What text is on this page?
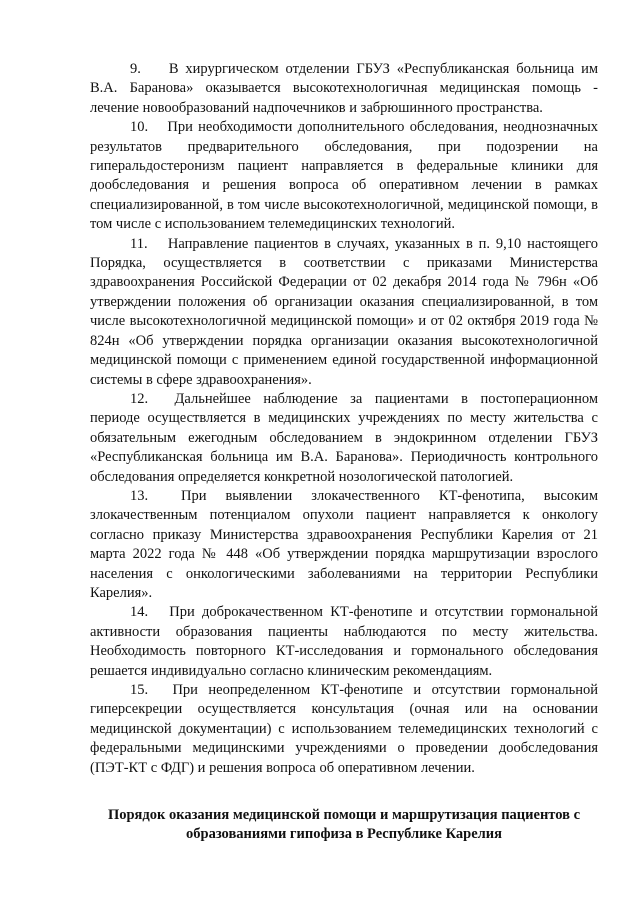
9. В хирургическом отделении ГБУЗ «Республиканская больница им В.А. Баранова» оказывается высокотехнологичная медицинская помощь - лечение новообразований надпочечников и забрюшинного пространства.

10. При необходимости дополнительного обследования, неоднозначных результатов предварительного обследования, при подозрении на гиперальдостеронизм пациент направляется в федеральные клиники для дообследования и решения вопроса об оперативном лечении в рамках специализированной, в том числе высокотехнологичной, медицинской помощи, в том числе с использованием телемедицинских технологий.

11. Направление пациентов в случаях, указанных в п. 9,10 настоящего Порядка, осуществляется в соответствии с приказами Министерства здравоохранения Российской Федерации от 02 декабря 2014 года № 796н «Об утверждении положения об организации оказания специализированной, в том числе высокотехнологичной медицинской помощи» и от 02 октября 2019 года № 824н «Об утверждении порядка организации оказания высокотехнологичной медицинской помощи с применением единой государственной информационной системы в сфере здравоохранения».

12. Дальнейшее наблюдение за пациентами в постоперационном периоде осуществляется в медицинских учреждениях по месту жительства с обязательным ежегодным обследованием в эндокринном отделении ГБУЗ «Республиканская больница им В.А. Баранова». Периодичность контрольного обследования определяется конкретной нозологической патологией.

13. При выявлении злокачественного КТ-фенотипа, высоким злокачественным потенциалом опухоли пациент направляется к онкологу согласно приказу Министерства здравоохранения Республики Карелия от 21 марта 2022 года № 448 «Об утверждении порядка маршрутизации взрослого населения с онкологическими заболеваниями на территории Республики Карелия».

14. При доброкачественном КТ-фенотипе и отсутствии гормональной активности образования пациенты наблюдаются по месту жительства. Необходимость повторного КТ-исследования и гормонального обследования решается индивидуально согласно клиническим рекомендациям.

15. При неопределенном КТ-фенотипе и отсутствии гормональной гиперсекреции осуществляется консультация (очная или на основании медицинской документации) с использованием телемедицинских технологий с федеральными медицинскими учреждениями о проведении дообследования (ПЭТ-КТ с ФДГ) и решения вопроса об оперативном лечении.

Порядок оказания медицинской помощи и маршрутизация пациентов с образованиями гипофиза в Республике Карелия
